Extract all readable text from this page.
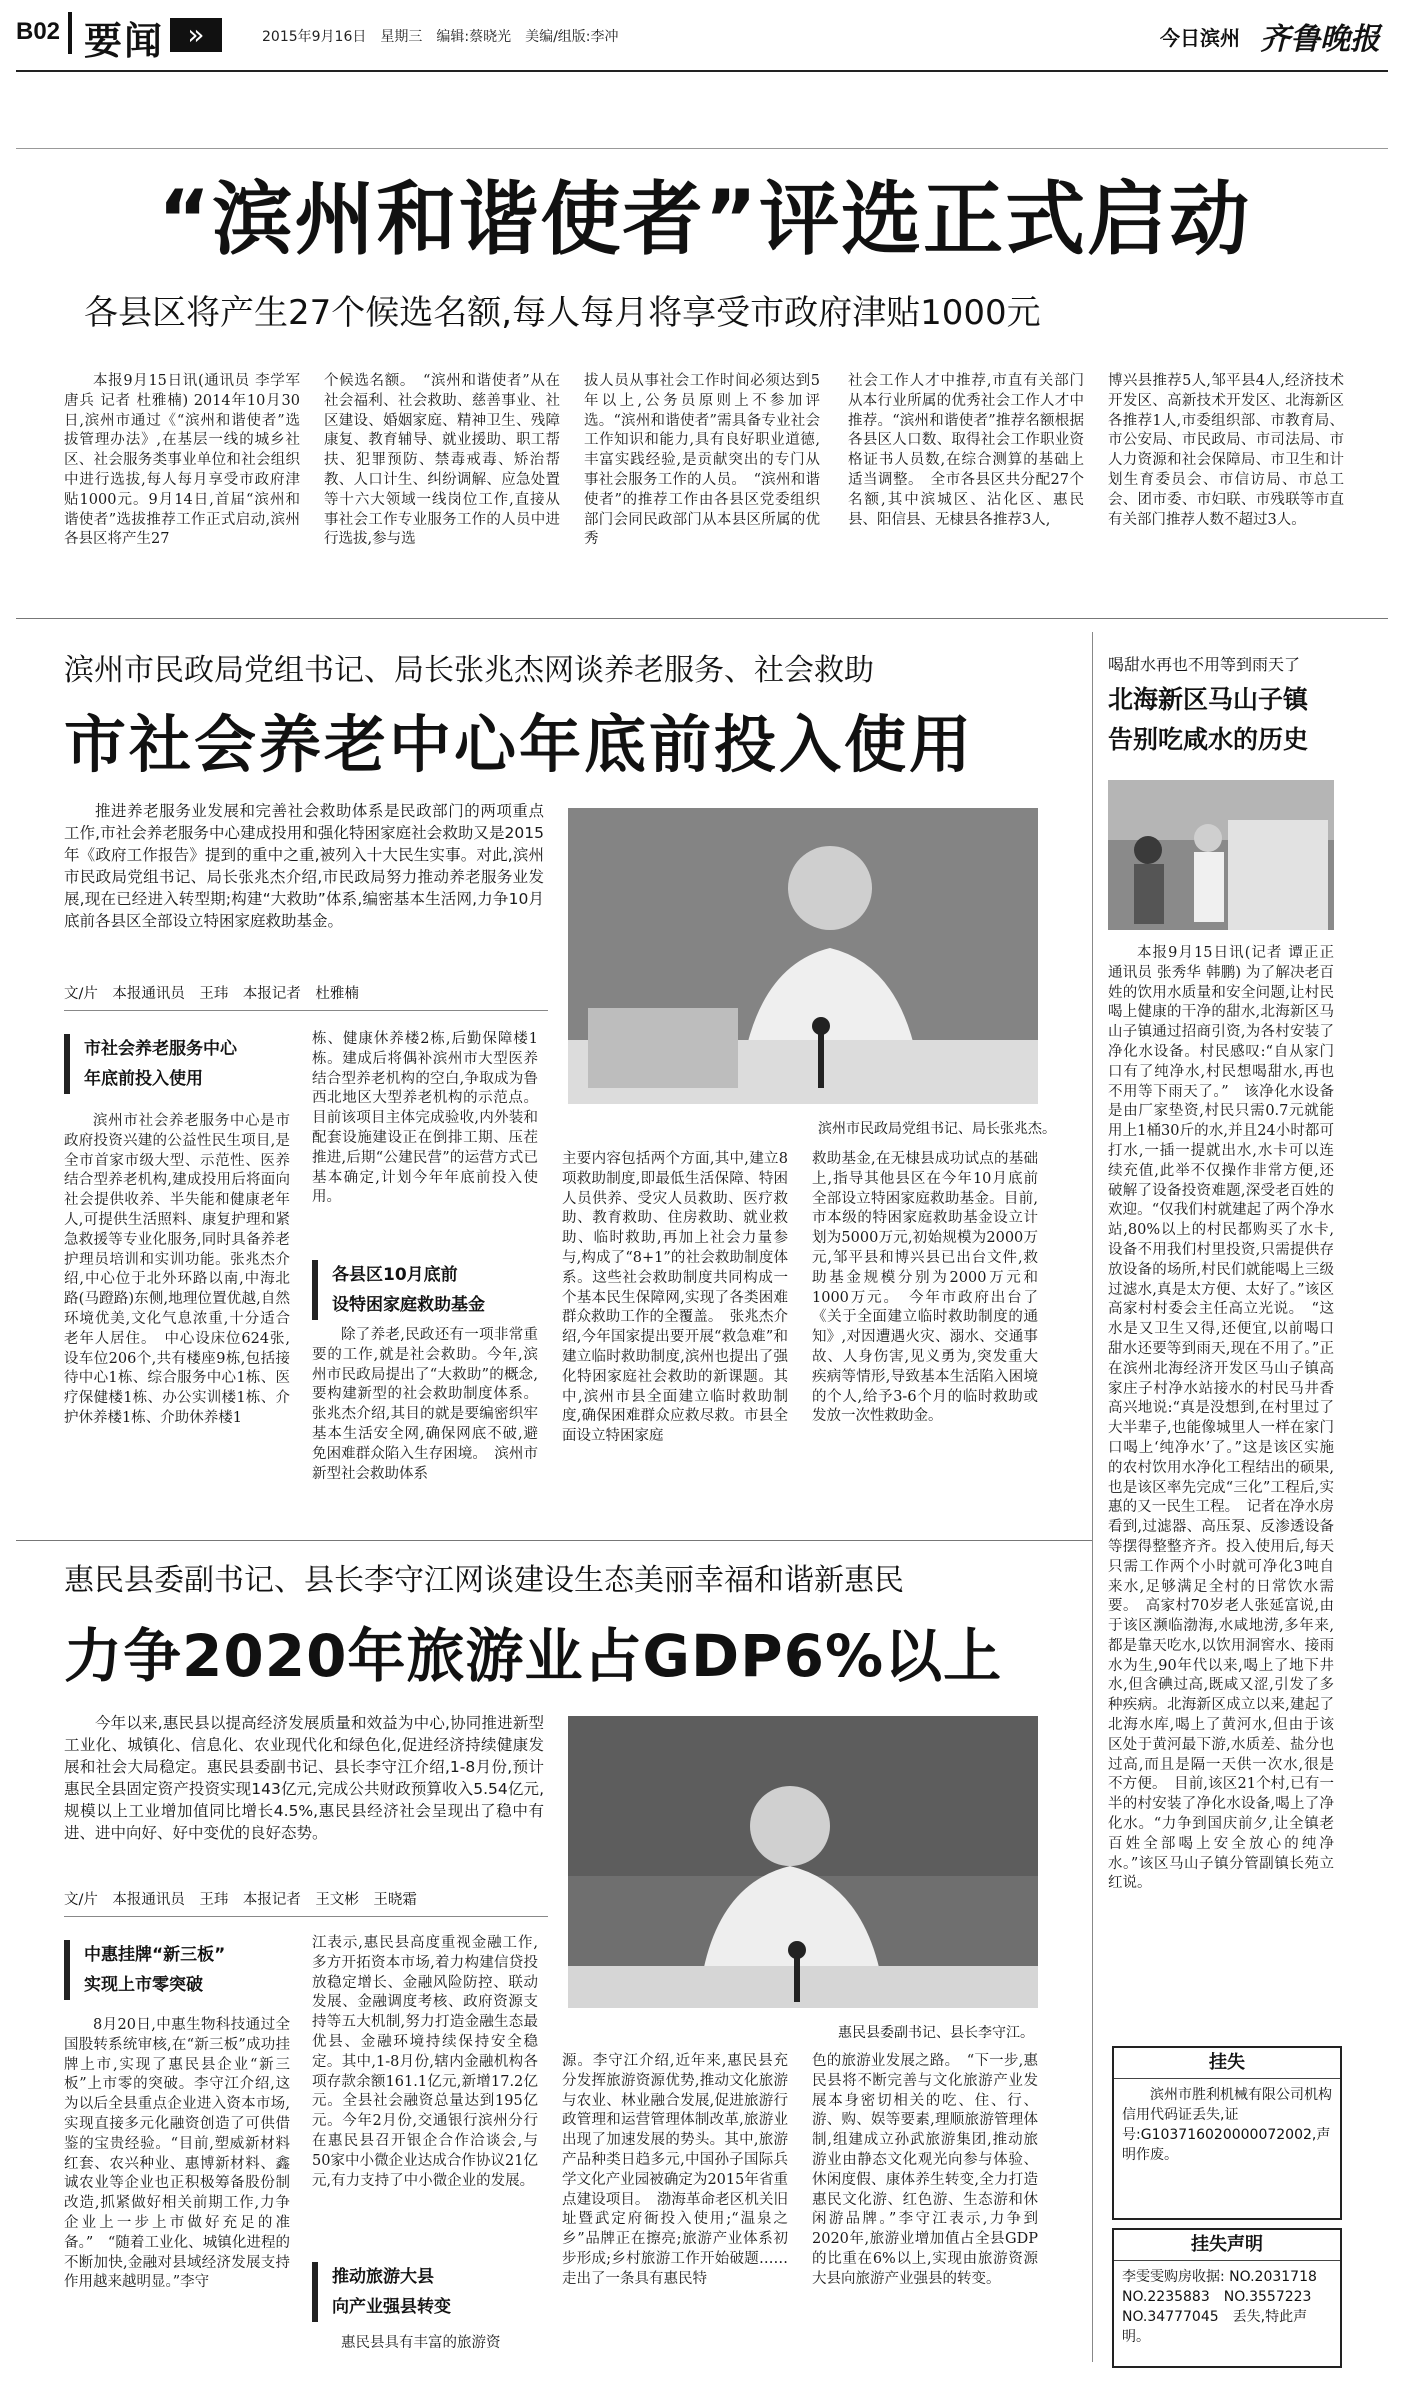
B02 要闻 »	2015年9月16日　星期三　编辑:蔡晓光　美编/组版:李冲	今日滨州 齐鲁晚报
“滨州和谐使者”评选正式启动
各县区将产生27个候选名额,每人每月将享受市政府津贴1000元

本报9月15日讯(通讯员 李学军 唐兵 记者 杜雅楠) 2014年10月30日,滨州市通过《“滨州和谐使者”选拔管理办法》,在基层一线的城乡社区、社会服务类事业单位和社会组织中进行选拔,每人每月享受市政府津贴1000元。9月14日,首届“滨州和谐使者”选拔推荐工作正式启动,滨州各县区将产生27

个候选名额。　“滨州和谐使者”从在社会福利、社会救助、慈善事业、社区建设、婚姻家庭、精神卫生、残障康复、教育辅导、就业援助、职工帮扶、犯罪预防、禁毒戒毒、矫治帮教、人口计生、纠纷调解、应急处置等十六大领域一线岗位工作,直接从事社会工作专业服务工作的人员中进行选拔,参与选

拔人员从事社会工作时间必须达到5年以上,公务员原则上不参加评选。“滨州和谐使者”需具备专业社会工作知识和能力,具有良好职业道德,丰富实践经验,是贡献突出的专门从事社会服务工作的人员。　“滨州和谐使者”的推荐工作由各县区党委组织部门会同民政部门从本县区所属的优秀

社会工作人才中推荐,市直有关部门从本行业所属的优秀社会工作人才中推荐。“滨州和谐使者”推荐名额根据各县区人口数、取得社会工作职业资格证书人员数,在综合测算的基础上适当调整。　全市各县区共分配27个名额,其中滨城区、沾化区、惠民县、阳信县、无棣县各推荐3人,

博兴县推荐5人,邹平县4人,经济技术开发区、高新技术开发区、北海新区各推荐1人,市委组织部、市教育局、市公安局、市民政局、市司法局、市人力资源和社会保障局、市卫生和计划生育委员会、市信访局、市总工会、团市委、市妇联、市残联等市直有关部门推荐人数不超过3人。

滨州市民政局党组书记、局长张兆杰网谈养老服务、社会救助
市社会养老中心年底前投入使用

推进养老服务业发展和完善社会救助体系是民政部门的两项重点工作,市社会养老服务中心建成投用和强化特困家庭社会救助又是2015年《政府工作报告》提到的重中之重,被列入十大民生实事。对此,滨州市民政局党组书记、局长张兆杰介绍,市民政局努力推动养老服务业发展,现在已经进入转型期;构建“大救助”体系,编密基本生活网,力争10月底前各县区全部设立特困家庭救助基金。

文/片　本报通讯员　王玮　本报记者　杜雅楠
滨州市民政局党组书记、局长张兆杰。
市社会养老服务中心
年底前投入使用

滨州市社会养老服务中心是市政府投资兴建的公益性民生项目,是全市首家市级大型、示范性、医养结合型养老机构,建成投用后将面向社会提供收养、半失能和健康老年人,可提供生活照料、康复护理和紧急救援等专业化服务,同时具备养老护理员培训和实训功能。张兆杰介绍,中心位于北外环路以南,中海北路(马蹬路)东侧,地理位置优越,自然环境优美,文化气息浓重,十分适合老年人居住。　中心设床位624张,设车位206个,共有楼座9栋,包括接待中心1栋、综合服务中心1栋、医疗保健楼1栋、办公实训楼1栋、介护休养楼1栋、介助休养楼1

栋、健康休养楼2栋,后勤保障楼1栋。建成后将偶补滨州市大型医养结合型养老机构的空白,争取成为鲁西北地区大型养老机构的示范点。目前该项目主体完成验收,内外装和配套设施建设正在倒排工期、压茬推进,后期“公建民营”的运营方式已基本确定,计划今年年底前投入使用。

各县区10月底前
设特困家庭救助基金

除了养老,民政还有一项非常重要的工作,就是社会救助。今年,滨州市民政局提出了“大救助”的概念,要构建新型的社会救助制度体系。张兆杰介绍,其目的就是要编密织牢基本生活安全网,确保网底不破,避免困难群众陷入生存困境。　滨州市新型社会救助体系

主要内容包括两个方面,其中,建立8项救助制度,即最低生活保障、特困人员供养、受灾人员救助、医疗救助、教育救助、住房救助、就业救助、临时救助,再加上社会力量参与,构成了“8+1”的社会救助制度体系。这些社会救助制度共同构成一个基本民生保障网,实现了各类困难群众救助工作的全覆盖。　张兆杰介绍,今年国家提出要开展“救急难”和建立临时救助制度,滨州也提出了强化特困家庭社会救助的新课题。其中,滨州市县全面建立临时救助制度,确保困难群众应救尽救。市县全面设立特困家庭

救助基金,在无棣县成功试点的基础上,指导其他县区在今年10月底前全部设立特困家庭救助基金。目前,市本级的特困家庭救助基金设立计划为5000万元,初始规模为2000万元,邹平县和博兴县已出台文件,救助基金规模分别为2000万元和1000万元。　今年市政府出台了《关于全面建立临时救助制度的通知》,对因遭遇火灾、溺水、交通事故、人身伤害,见义勇为,突发重大疾病等情形,导致基本生活陷入困境的个人,给予3-6个月的临时救助或发放一次性救助金。

惠民县委副书记、县长李守江网谈建设生态美丽幸福和谐新惠民
力争2020年旅游业占GDP6%以上

今年以来,惠民县以提高经济发展质量和效益为中心,协同推进新型工业化、城镇化、信息化、农业现代化和绿色化,促进经济持续健康发展和社会大局稳定。惠民县委副书记、县长李守江介绍,1-8月份,预计惠民全县固定资产投资实现143亿元,完成公共财政预算收入5.54亿元,规模以上工业增加值同比增长4.5%,惠民县经济社会呈现出了稳中有进、进中向好、好中变优的良好态势。

文/片　本报通讯员　王玮　本报记者　王文彬　王晓霜
惠民县委副书记、县长李守江。
中惠挂牌“新三板”
实现上市零突破

8月20日,中惠生物科技通过全国股转系统审核,在“新三板”成功挂牌上市,实现了惠民县企业“新三板”上市零的突破。李守江介绍,这为以后全县重点企业进入资本市场,实现直接多元化融资创造了可供借鉴的宝贵经验。“目前,塑威新材料红套、农兴种业、惠博新材料、鑫诚农业等企业也正积极筹备股份制改造,抓紧做好相关前期工作,力争企业上一步上市做好充足的准备。”　“随着工业化、城镇化进程的不断加快,金融对县域经济发展支持作用越来越明显。”李守

江表示,惠民县高度重视金融工作,多方开拓资本市场,着力构建信贷投放稳定增长、金融风险防控、联动发展、金融调度考核、政府资源支持等五大机制,努力打造金融生态最优县、金融环境持续保持安全稳定。其中,1-8月份,辖内金融机构各项存款余额161.1亿元,新增17.2亿元。全县社会融资总量达到195亿元。今年2月份,交通银行滨州分行在惠民县召开银企合作洽谈会,与50家中小微企业达成合作协议21亿元,有力支持了中小微企业的发展。

推动旅游大县
向产业强县转变

惠民县具有丰富的旅游资

源。李守江介绍,近年来,惠民县充分发挥旅游资源优势,推动文化旅游与农业、林业融合发展,促进旅游行政管理和运营管理体制改革,旅游业出现了加速发展的势头。其中,旅游产品种类日趋多元,中国孙子国际兵学文化产业园被确定为2015年省重点建设项目。　渤海革命老区机关旧址暨武定府衙投入使用;“温泉之乡”品牌正在擦亮;旅游产业体系初步形成;乡村旅游工作开始破题……走出了一条具有惠民特

色的旅游业发展之路。　“下一步,惠民县将不断完善与文化旅游产业发展本身密切相关的吃、住、行、游、购、娱等要素,理顺旅游管理体制,组建成立孙武旅游集团,推动旅游业由静态文化观光向参与体验、休闲度假、康体养生转变,全力打造惠民文化游、红色游、生态游和休闲游品牌。”李守江表示,力争到2020年,旅游业增加值占全县GDP的比重在6%以上,实现由旅游资源大县向旅游产业强县的转变。

喝甜水再也不用等到雨天了
北海新区马山子镇
告别吃咸水的历史

本报9月15日讯(记者 谭正正 通讯员 张秀华 韩鹏) 为了解决老百姓的饮用水质量和安全问题,让村民喝上健康的干净的甜水,北海新区马山子镇通过招商引资,为各村安装了净化水设备。村民感叹:“自从家门口有了纯净水,村民想喝甜水,再也不用等下雨天了。”　该净化水设备是由厂家垫资,村民只需0.7元就能用上1桶30斤的水,并且24小时都可打水,一插一提就出水,水卡可以连续充值,此举不仅操作非常方便,还破解了设备投资难题,深受老百姓的欢迎。“仅我们村就建起了两个净水站,80%以上的村民都购买了水卡,设备不用我们村里投资,只需提供存放设备的场所,村民们就能喝上三级过滤水,真是太方便、太好了。”该区高家村村委会主任高立光说。　“这水是又卫生又得,还便宜,以前喝口甜水还要等到雨天,现在不用了。”正在滨州北海经济开发区马山子镇高家庄子村净水站接水的村民马井香高兴地说:“真是没想到,在村里过了大半辈子,也能像城里人一样在家门口喝上‘纯净水’了。”这是该区实施的农村饮用水净化工程结出的硕果,也是该区率先完成“三化”工程后,实惠的又一民生工程。　记者在净水房看到,过滤器、高压泵、反渗透设备等摆得整整齐齐。投入使用后,每天只需工作两个小时就可净化3吨自来水,足够满足全村的日常饮水需要。　高家村70岁老人张延富说,由于该区濒临渤海,水咸地涝,多年来,都是靠天吃水,以饮用洞窖水、接雨水为生,90年代以来,喝上了地下井水,但含碘过高,既咸又涩,引发了多种疾病。北海新区成立以来,建起了北海水库,喝上了黄河水,但由于该区处于黄河最下游,水质差、盐分也过高,而且是隔一天供一次水,很是不方便。　目前,该区21个村,已有一半的村安装了净化水设备,喝上了净化水。“力争到国庆前夕,让全镇老百姓全部喝上安全放心的纯净水。”该区马山子镇分管副镇长苑立红说。

挂失
滨州市胜利机械有限公司机构信用代码证丢失,证号:G103716020000072002,声明作废。
挂失声明
李雯雯购房收据: NO.2031718　NO.2235883　NO.3557223　NO.34777045　丢失,特此声明。
